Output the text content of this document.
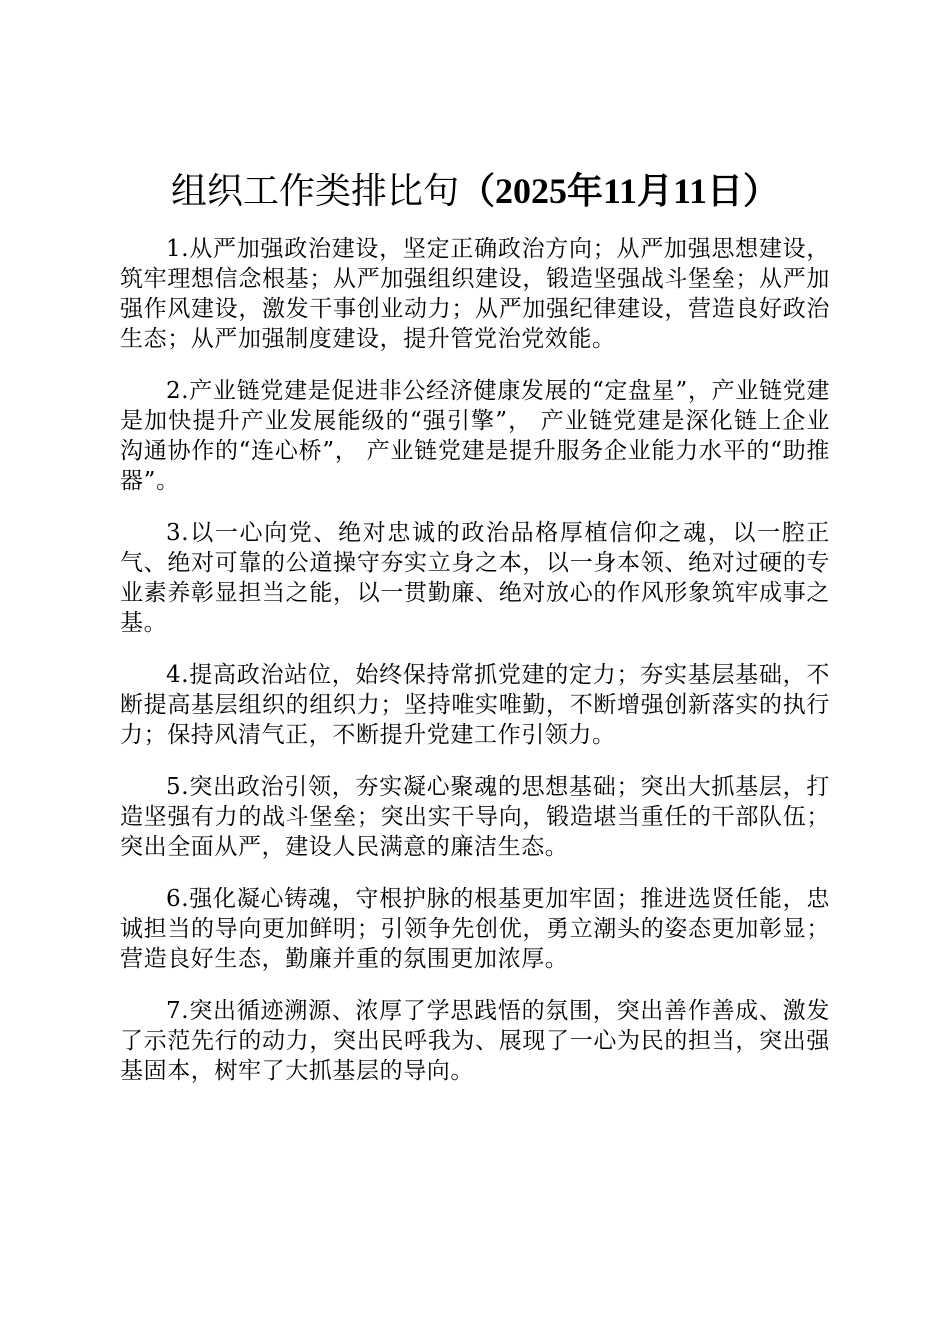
组织工作类排比句（2025年11月11日）

1.从严加强政治建设，坚定正确政治方向；从严加强思想建设，筑牢理想信念根基；从严加强组织建设，锻造坚强战斗堡垒；从严加强作风建设，激发干事创业动力；从严加强纪律建设，营造良好政治生态；从严加强制度建设，提升管党治党效能。

2.产业链党建是促进非公经济健康发展的“定盘星”，产业链党建是加快提升产业发展能级的“强引擎”， 产业链党建是深化链上企业沟通协作的“连心桥”， 产业链党建是提升服务企业能力水平的“助推器”。

3.以一心向党、绝对忠诚的政治品格厚植信仰之魂，以一腔正气、绝对可靠的公道操守夯实立身之本，以一身本领、绝对过硬的专业素养彰显担当之能，以一贯勤廉、绝对放心的作风形象筑牢成事之基。

4.提高政治站位，始终保持常抓党建的定力；夯实基层基础，不断提高基层组织的组织力；坚持唯实唯勤，不断增强创新落实的执行力；保持风清气正，不断提升党建工作引领力。

5.突出政治引领，夯实凝心聚魂的思想基础；突出大抓基层，打造坚强有力的战斗堡垒；突出实干导向，锻造堪当重任的干部队伍；突出全面从严，建设人民满意的廉洁生态。

6.强化凝心铸魂，守根护脉的根基更加牢固；推进选贤任能，忠诚担当的导向更加鲜明；引领争先创优，勇立潮头的姿态更加彰显；营造良好生态，勤廉并重的氛围更加浓厚。

7.突出循迹溯源、浓厚了学思践悟的氛围，突出善作善成、激发了示范先行的动力，突出民呼我为、展现了一心为民的担当，突出强基固本，树牢了大抓基层的导向。
